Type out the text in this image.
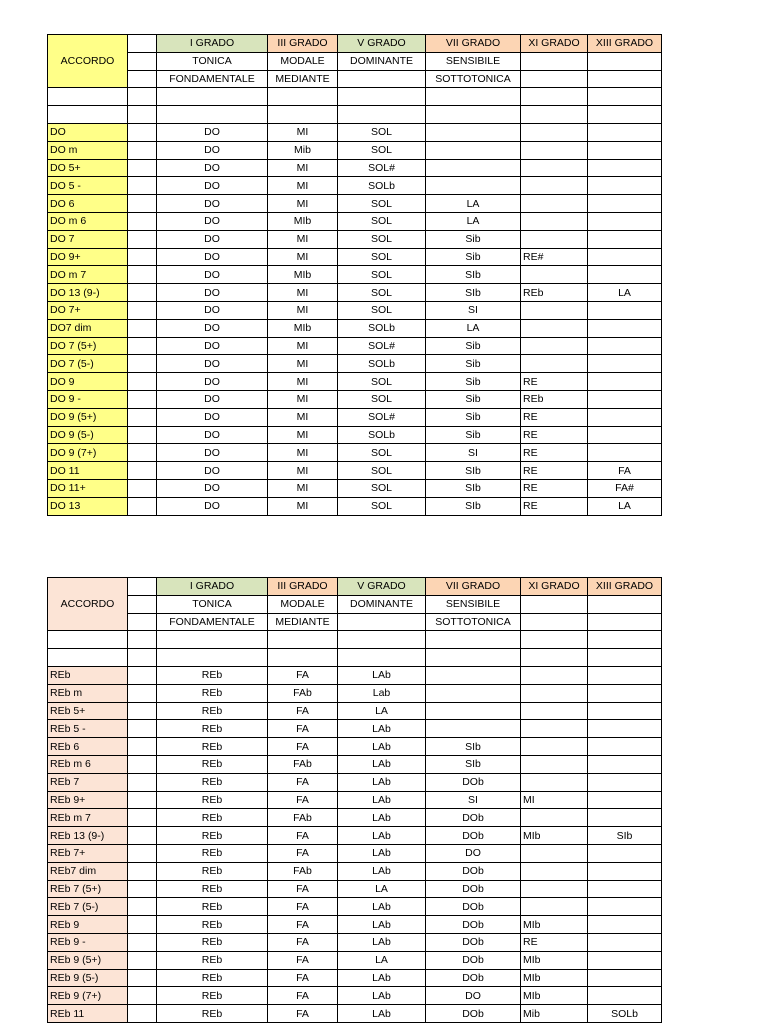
ACCORDO		I GRADO	III GRADO	V GRADO	VII GRADO	XI GRADO	XIII GRADO
		TONICA	MODALE	DOMINANTE	SENSIBILE		
		FONDAMENTALE	MEDIANTE		SOTTOTONICA		

DO		DO	MI	SOL			
DO m		DO	Mib	SOL			
DO 5+		DO	MI	SOL#			
DO 5 -		DO	MI	SOLb			
DO 6		DO	MI	SOL	LA		
DO m 6		DO	MIb	SOL	LA		
DO 7		DO	MI	SOL	Sib		
DO 9+		DO	MI	SOL	Sib	RE#	
DO m 7		DO	MIb	SOL	SIb		
DO 13 (9-)		DO	MI	SOL	SIb	REb	LA
DO 7+		DO	MI	SOL	SI		
DO7 dim		DO	MIb	SOLb	LA		
DO 7 (5+)		DO	MI	SOL#	Sib		
DO 7 (5-)		DO	MI	SOLb	Sib		
DO 9		DO	MI	SOL	Sib	RE	
DO 9 -		DO	MI	SOL	Sib	REb	
DO 9 (5+)		DO	MI	SOL#	Sib	RE	
DO 9 (5-)		DO	MI	SOLb	Sib	RE	
DO 9 (7+)		DO	MI	SOL	SI	RE	
DO 11		DO	MI	SOL	SIb	RE	FA
DO 11+		DO	MI	SOL	SIb	RE	FA#
DO 13		DO	MI	SOL	SIb	RE	LA
ACCORDO		I GRADO	III GRADO	V GRADO	VII GRADO	XI GRADO	XIII GRADO
		TONICA	MODALE	DOMINANTE	SENSIBILE		
		FONDAMENTALE	MEDIANTE		SOTTOTONICA		

REb		REb	FA	LAb			
REb m		REb	FAb	Lab			
REb 5+		REb	FA	LA			
REb 5 -		REb	FA	LAb			
REb 6		REb	FA	LAb	SIb		
REb m 6		REb	FAb	LAb	SIb		
REb 7		REb	FA	LAb	DOb		
REb 9+		REb	FA	LAb	SI	MI	
REb m 7		REb	FAb	LAb	DOb		
REb 13 (9-)		REb	FA	LAb	DOb	MIb	SIb
REb 7+		REb	FA	LAb	DO		
REb7 dim		REb	FAb	LAb	DOb		
REb 7 (5+)		REb	FA	LA	DOb		
REb 7 (5-)		REb	FA	LAb	DOb		
REb 9		REb	FA	LAb	DOb	MIb	
REb 9 -		REb	FA	LAb	DOb	RE	
REb 9 (5+)		REb	FA	LA	DOb	MIb	
REb 9 (5-)		REb	FA	LAb	DOb	MIb	
REb 9 (7+)		REb	FA	LAb	DO	MIb	
REb 11		REb	FA	LAb	DOb	Mib	SOLb
